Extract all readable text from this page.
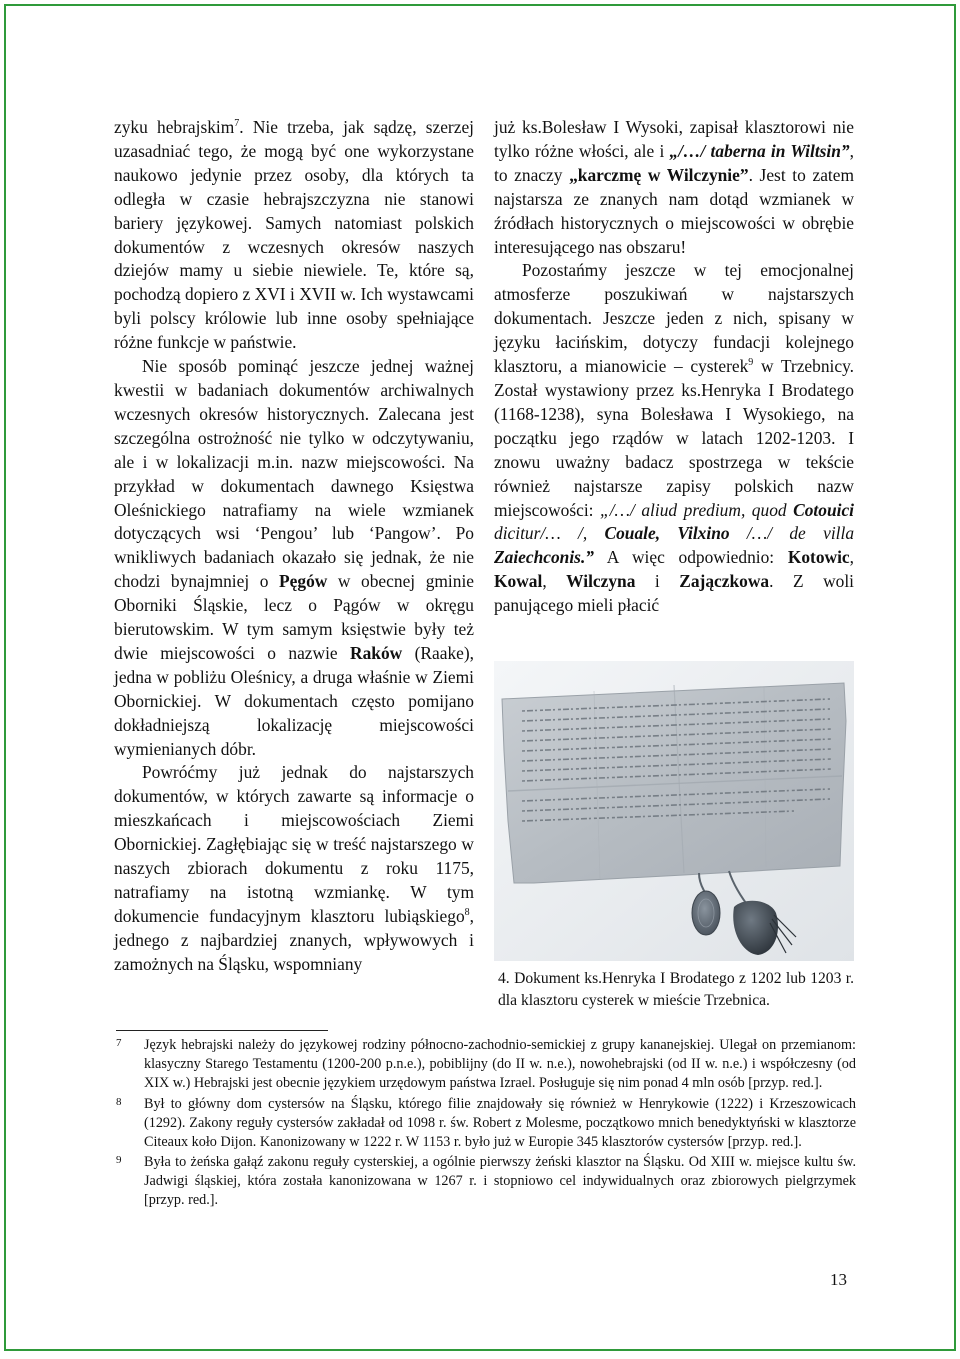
zyku hebrajskim$^7$. Nie trzeba, jak sądzę, szerzej uzasadniać tego, że mogą być one wykorzystane naukowo jedynie przez osoby, dla których ta odległa w czasie hebrajszczyzna nie stanowi bariery językowej. Samych natomiast polskich dokumentów z wczesnych okresów naszych dziejów mamy u siebie niewiele. Te, które są, pochodzą dopiero z XVI i XVII w. Ich wystawcami byli polscy królowie lub inne osoby spełniające różne funkcje w państwie.

Nie sposób pominąć jeszcze jednej ważnej kwestii w badaniach dokumentów archiwalnych wczesnych okresów historycznych. Zalecana jest szczególna ostrożność nie tylko w odczytywaniu, ale i w lokalizacji m.in. nazw miejscowości. Na przykład w dokumentach dawnego Księstwa Oleśnickiego natrafiamy na wiele wzmianek dotyczących wsi ‘Pengou’ lub ‘Pangow’. Po wnikliwych badaniach okazało się jednak, że nie chodzi bynajmniej o Pęgów w obecnej gminie Oborniki Śląskie, lecz o Pągów w okręgu bierutowskim. W tym samym księstwie były też dwie miejscowości o nazwie Raków (Raake), jedna w pobliżu Oleśnicy, a druga właśnie w Ziemi Obornickiej. W dokumentach często pomijano dokładniejszą lokalizację miejscowości wymienianych dóbr.

Powróćmy już jednak do najstarszych dokumentów, w których zawarte są informacje o mieszkańcach i miejscowościach Ziemi Obornickiej. Zagłębiając się w treść najstarszego w naszych zbiorach dokumentu z roku 1175, natrafiamy na istotną wzmiankę. W tym dokumencie fundacyjnym klasztoru lubiąskiego$^8$, jednego z najbardziej znanych, wpływowych i zamożnych na Śląsku, wspomniany

już ks.Bolesław I Wysoki, zapisał klasztorowi nie tylko różne włości, ale i „/…/ taberna in Wiltsin”, to znaczy „karczmę w Wilczynie”. Jest to zatem najstarsza ze znanych nam dotąd wzmianek w źródłach historycznych o miejscowości w obrębie interesującego nas obszaru!

Pozostańmy jeszcze w tej emocjonalnej atmosferze poszukiwań w najstarszych dokumentach. Jeszcze jeden z nich, spisany w języku łacińskim, dotyczy fundacji kolejnego klasztoru, a mianowicie – cysterek$^9$ w Trzebnicy. Został wystawiony przez ks.Henryka I Brodatego (1168-1238), syna Bolesława I Wysokiego, na początku jego rządów w latach 1202-1203. I znowu uważny badacz spostrzega w tekście również najstarsze zapisy polskich nazw miejscowości: „/…/ aliud predium, quod Cotouici dicitur/… /, Couale, Vilxino /…/ de villa Zaiechconis.” A więc odpowiednio: Kotowic, Kowal, Wilczyna i Zajączkowa. Z woli panującego mieli płacić

4. Dokument ks.Henryka I Brodatego z 1202 lub 1203 r. dla klasztoru cysterek w mieście Trzebnica.

7 Język hebrajski należy do językowej rodziny północno-zachodnio-semickiej z grupy kananejskiej. Ulegał on przemianom: klasyczny Starego Testamentu (1200-200 p.n.e.), pobiblijny (do II w. n.e.), nowohebrajski (od II w. n.e.) i współczesny (od XIX w.) Hebrajski jest obecnie językiem urzędowym państwa Izrael. Posługuje się nim ponad 4 mln osób [przyp. red.].

8 Był to główny dom cystersów na Śląsku, którego filie znajdowały się również w Henrykowie (1222) i Krzeszowicach (1292). Zakony reguły cystersów zakładał od 1098 r. św. Robert z Molesme, początkowo mnich benedyktyński w klasztorze Citeaux koło Dijon. Kanonizowany w 1222 r. W 1153 r. było już w Europie 345 klasztorów cystersów [przyp. red.].

9 Była to żeńska gałąź zakonu reguły cysterskiej, a ogólnie pierwszy żeński klasztor na Śląsku. Od XIII w. miejsce kultu św. Jadwigi śląskiej, która została kanonizowana w 1267 r. i stopniowo cel indywidualnych oraz zbiorowych pielgrzymek [przyp. red.].

13
